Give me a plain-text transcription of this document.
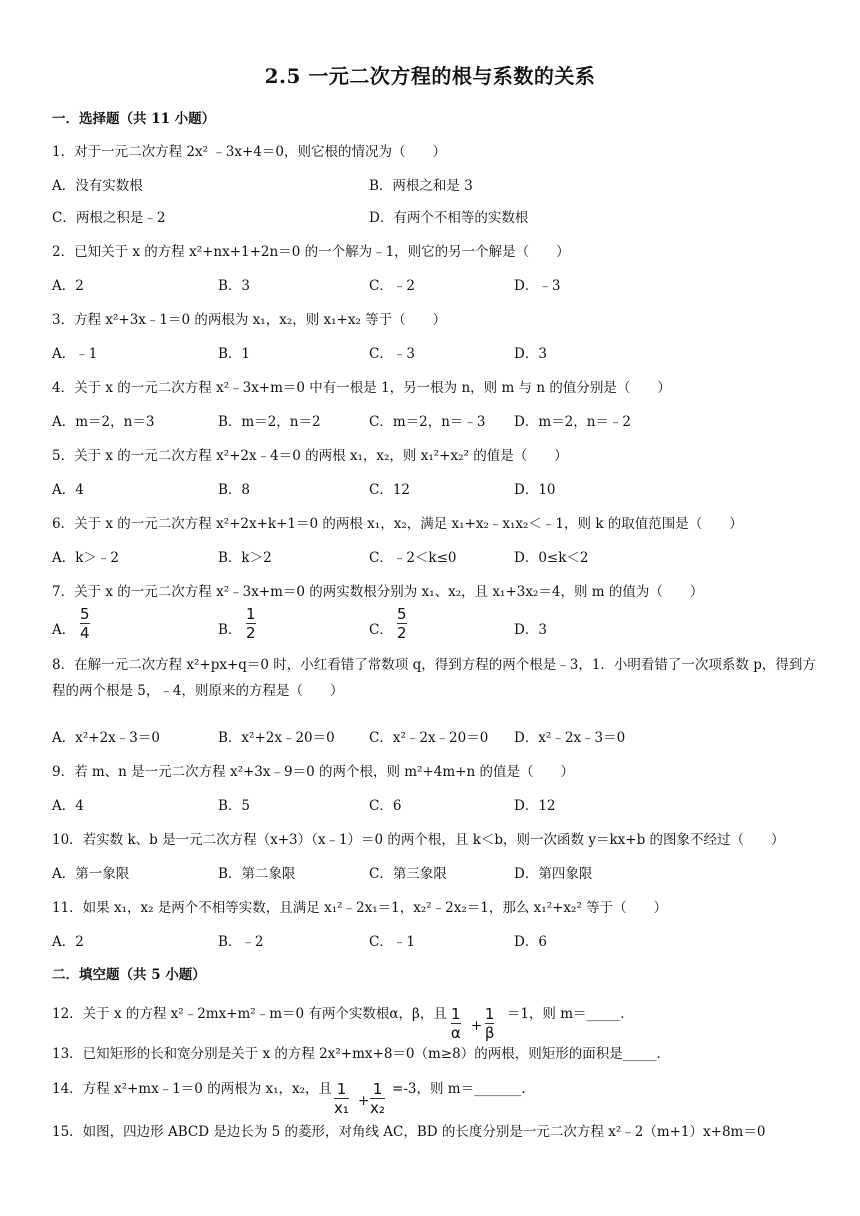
2.5 一元二次方程的根与系数的关系
一．选择题（共 11 小题）
1．对于一元二次方程 2x² ﹣3x+4＝0，则它根的情况为（　　）
A．没有实数根	B．两根之和是 3
C．两根之积是﹣2	D．有两个不相等的实数根
2．已知关于 x 的方程 x²+nx+1+2n＝0 的一个解为﹣1，则它的另一个解是（　　）
A．2	B．3	C．﹣2	D．﹣3
3．方程 x²+3x﹣1＝0 的两根为 x₁，x₂，则 x₁+x₂ 等于（　　）
A．﹣1	B．1	C．﹣3	D．3
4．关于 x 的一元二次方程 x²﹣3x+m＝0 中有一根是 1，另一根为 n，则 m 与 n 的值分别是（　　）
A．m＝2，n＝3	B．m＝2，n＝2	C．m＝2，n＝﹣3 D．m＝2，n＝﹣2
5．关于 x 的一元二次方程 x²+2x﹣4＝0 的两根 x₁，x₂，则 x₁²+x₂² 的值是（　　）
A．4	B．8	C．12	D．10
6．关于 x 的一元二次方程 x²+2x+k+1＝0 的两根 x₁，x₂，满足 x₁+x₂﹣x₁x₂＜﹣1，则 k 的取值范围是（　　）
A．k＞﹣2	B．k＞2	C．﹣2＜k≤0	D．0≤k＜2
7．关于 x 的一元二次方程 x²﹣3x+m＝0 的两实数根分别为 x₁、x₂，且 x₁+3x₂＝4，则 m 的值为（　　）
A．
5
4	B．
1
2	C．
5
2	D．3
8．在解一元二次方程 x²+px+q＝0 时，小红看错了常数项 q，得到方程的两个根是﹣3，1．小明看错了一次项系数 p，得到方程的两个根是 5，﹣4，则原来的方程是（　　）
A．x²+2x﹣3＝0	B．x²+2x﹣20＝0	C．x²﹣2x﹣20＝0 D．x²﹣2x﹣3＝0
9．若 m、n 是一元二次方程 x²+3x﹣9＝0 的两个根，则 m²+4m+n 的值是（　　）
A．4	B．5	C．6	D．12
10．若实数 k、b 是一元二次方程（x+3）（x﹣1）＝0 的两个根，且 k＜b，则一次函数 y＝kx+b 的图象不经过（　　）
A．第一象限	B．第二象限	C．第三象限	D．第四象限
11．如果 x₁，x₂ 是两个不相等实数，且满足 x₁²﹣2x₁＝1，x₂²﹣2x₂＝1，那么 x₁²+x₂² 等于（　　）
A．2	B．﹣2	C．﹣1	D．6
二．填空题（共 5 小题）
12．关于 x 的方程 x²﹣2mx+m²﹣m＝0 有两个实数根α，β，且 1
α +
1
β
＝1，则 m＝_____．
13．已知矩形的长和宽分别是关于 x 的方程 2x²+mx+8＝0（m≥8）的两根，则矩形的面积是_____．
14．方程 x²+mx﹣1＝0 的两根为 x₁，x₂，且 1
x₁ +
1
x₂
=-3，则 m＝_______．
15．如图，四边形 ABCD 是边长为 5 的菱形，对角线 AC，BD 的长度分别是一元二次方程 x²﹣2（m+1）x+8m＝0
